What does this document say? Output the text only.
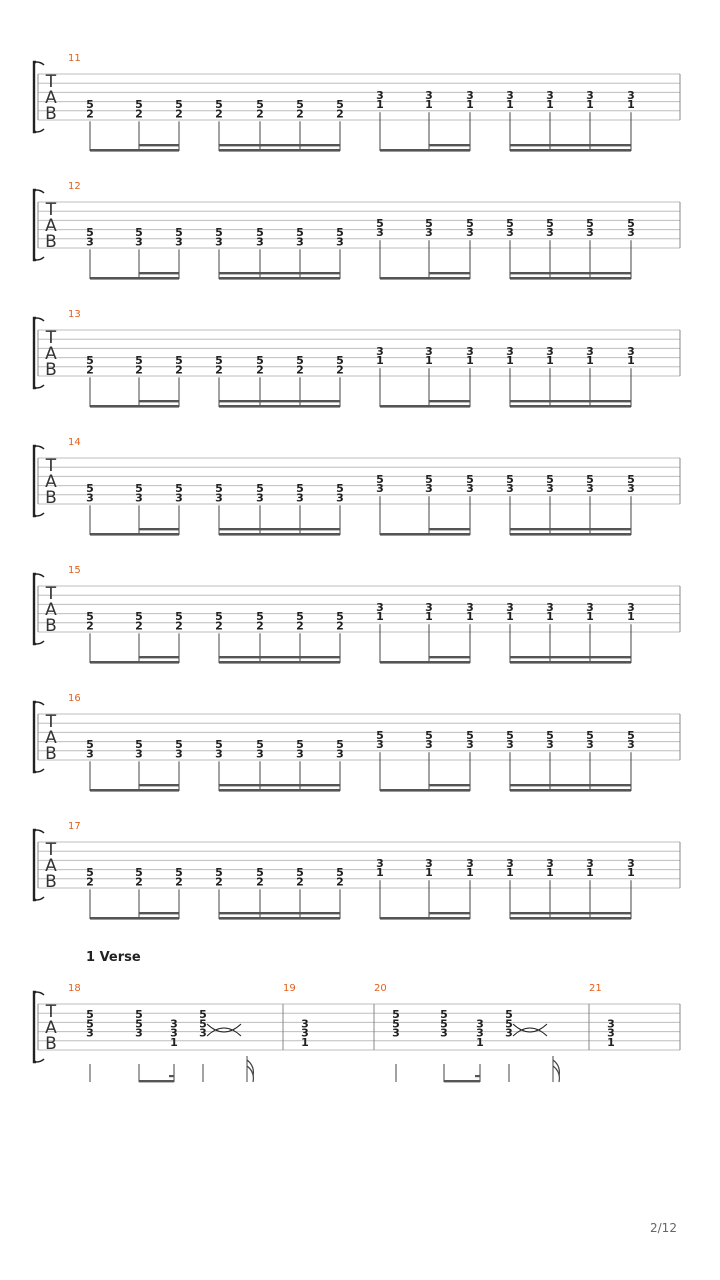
1 Verse
2/12
T
A
B
11
5
2
5
2
5
2
5
2
5
2
5
2
5
2
3
1
3
1
3
1
3
1
3
1
3
1
3
1
T
A
B
12
5
3
5
3
5
3
5
3
5
3
5
3
5
3
5
3
5
3
5
3
5
3
5
3
5
3
5
3
T
A
B
13
5
2
5
2
5
2
5
2
5
2
5
2
5
2
3
1
3
1
3
1
3
1
3
1
3
1
3
1
T
A
B
14
5
3
5
3
5
3
5
3
5
3
5
3
5
3
5
3
5
3
5
3
5
3
5
3
5
3
5
3
T
A
B
15
5
2
5
2
5
2
5
2
5
2
5
2
5
2
3
1
3
1
3
1
3
1
3
1
3
1
3
1
T
A
B
16
5
3
5
3
5
3
5
3
5
3
5
3
5
3
5
3
5
3
5
3
5
3
5
3
5
3
5
3
T
A
B
17
5
2
5
2
5
2
5
2
5
2
5
2
5
2
3
1
3
1
3
1
3
1
3
1
3
1
3
1
T
A
B
18	19	20	21
5
5
3
5
5
3
3
3
1
5
5
3
3
3
1
5
5
3
5
5
3
3
3
1
5
5
3
3
3
1
